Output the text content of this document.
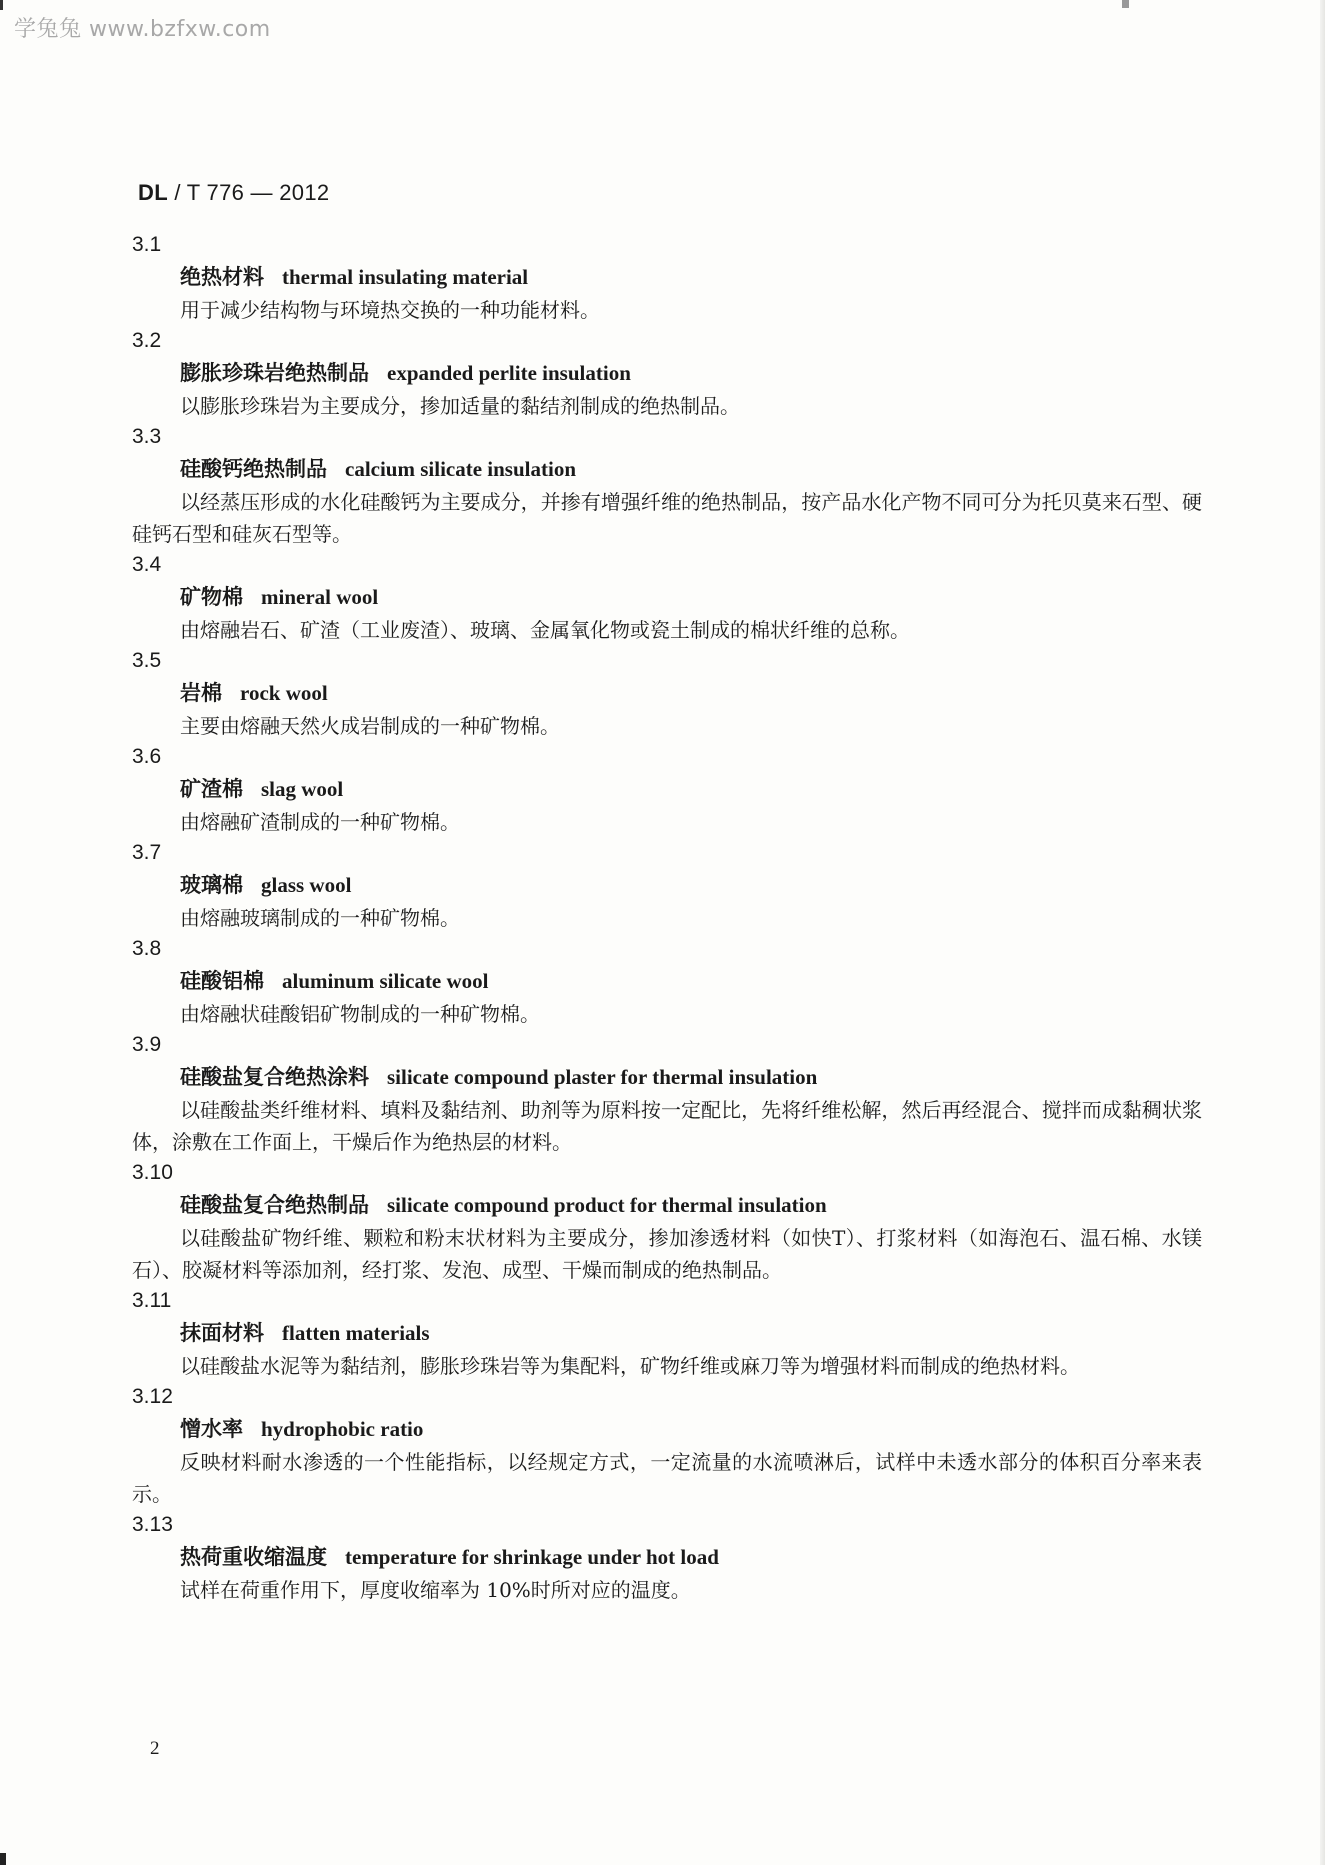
学兔兔 www.bzfxw.com
DL / T 776 — 2012
3.1
绝热材料 thermal insulating material
用于减少结构物与环境热交换的一种功能材料。
3.2
膨胀珍珠岩绝热制品 expanded perlite insulation
以膨胀珍珠岩为主要成分，掺加适量的黏结剂制成的绝热制品。
3.3
硅酸钙绝热制品 calcium silicate insulation
以经蒸压形成的水化硅酸钙为主要成分，并掺有增强纤维的绝热制品，按产品水化产物不同可分为托贝莫来石型、硬硅钙石型和硅灰石型等。
3.4
矿物棉 mineral wool
由熔融岩石、矿渣（工业废渣）、玻璃、金属氧化物或瓷土制成的棉状纤维的总称。
3.5
岩棉 rock wool
主要由熔融天然火成岩制成的一种矿物棉。
3.6
矿渣棉 slag wool
由熔融矿渣制成的一种矿物棉。
3.7
玻璃棉 glass wool
由熔融玻璃制成的一种矿物棉。
3.8
硅酸铝棉 aluminum silicate wool
由熔融状硅酸铝矿物制成的一种矿物棉。
3.9
硅酸盐复合绝热涂料 silicate compound plaster for thermal insulation
以硅酸盐类纤维材料、填料及黏结剂、助剂等为原料按一定配比，先将纤维松解，然后再经混合、搅拌而成黏稠状浆体，涂敷在工作面上，干燥后作为绝热层的材料。
3.10
硅酸盐复合绝热制品 silicate compound product for thermal insulation
以硅酸盐矿物纤维、颗粒和粉末状材料为主要成分，掺加渗透材料（如快T）、打浆材料（如海泡石、温石棉、水镁石）、胶凝材料等添加剂，经打浆、发泡、成型、干燥而制成的绝热制品。
3.11
抹面材料 flatten materials
以硅酸盐水泥等为黏结剂，膨胀珍珠岩等为集配料，矿物纤维或麻刀等为增强材料而制成的绝热材料。
3.12
憎水率 hydrophobic ratio
反映材料耐水渗透的一个性能指标，以经规定方式，一定流量的水流喷淋后，试样中未透水部分的体积百分率来表示。
3.13
热荷重收缩温度 temperature for shrinkage under hot load
试样在荷重作用下，厚度收缩率为 10%时所对应的温度。
2
